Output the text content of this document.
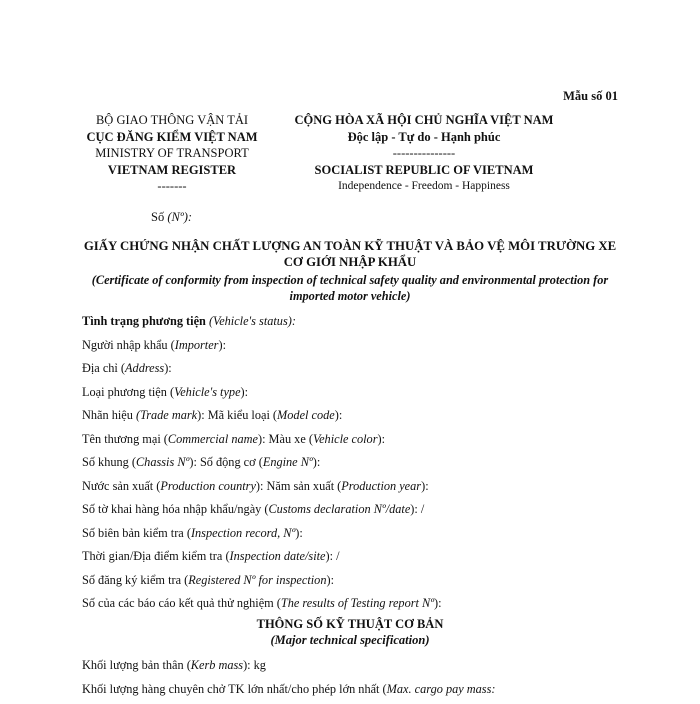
Mẫu số 01
BỘ GIAO THÔNG VẬN TẢI
CỤC ĐĂNG KIỂM VIỆT NAM
MINISTRY OF TRANSPORT
VIETNAM REGISTER
-------
CỘNG HÒA XÃ HỘI CHỦ NGHĨA VIỆT NAM
Độc lập - Tự do - Hạnh phúc
---------------
SOCIALIST REPUBLIC OF VIETNAM
Independence - Freedom - Happiness
Số (Nº):
GIẤY CHỨNG NHẬN CHẤT LƯỢNG AN TOÀN KỸ THUẬT VÀ BẢO VỆ MÔI TRƯỜNG XE
CƠ GIỚI NHẬP KHẨU
(Certificate of conformity from inspection of technical safety quality and environmental protection for
imported motor vehicle)
Tình trạng phương tiện (Vehicle's status):
Người nhập khẩu (Importer):
Địa chỉ (Address):
Loại phương tiện (Vehicle's type):
Nhãn hiệu (Trade mark): Mã kiểu loại (Model code):
Tên thương mại (Commercial name): Màu xe (Vehicle color):
Số khung (Chassis Nº): Số động cơ (Engine Nº):
Nước sản xuất (Production country): Năm sản xuất (Production year):
Số tờ khai hàng hóa nhập khẩu/ngày (Customs declaration Nº/date): /
Số biên bản kiểm tra (Inspection record, Nº):
Thời gian/Địa điểm kiểm tra (Inspection date/site): /
Số đăng ký kiểm tra (Registered Nº for inspection):
Số của các báo cáo kết quả thử nghiệm (The results of Testing report Nº):
THÔNG SỐ KỸ THUẬT CƠ BẢN
(Major technical specification)
Khối lượng bản thân (Kerb mass): kg
Khối lượng hàng chuyên chở TK lớn nhất/cho phép lớn nhất (Max. cargo pay mass:
